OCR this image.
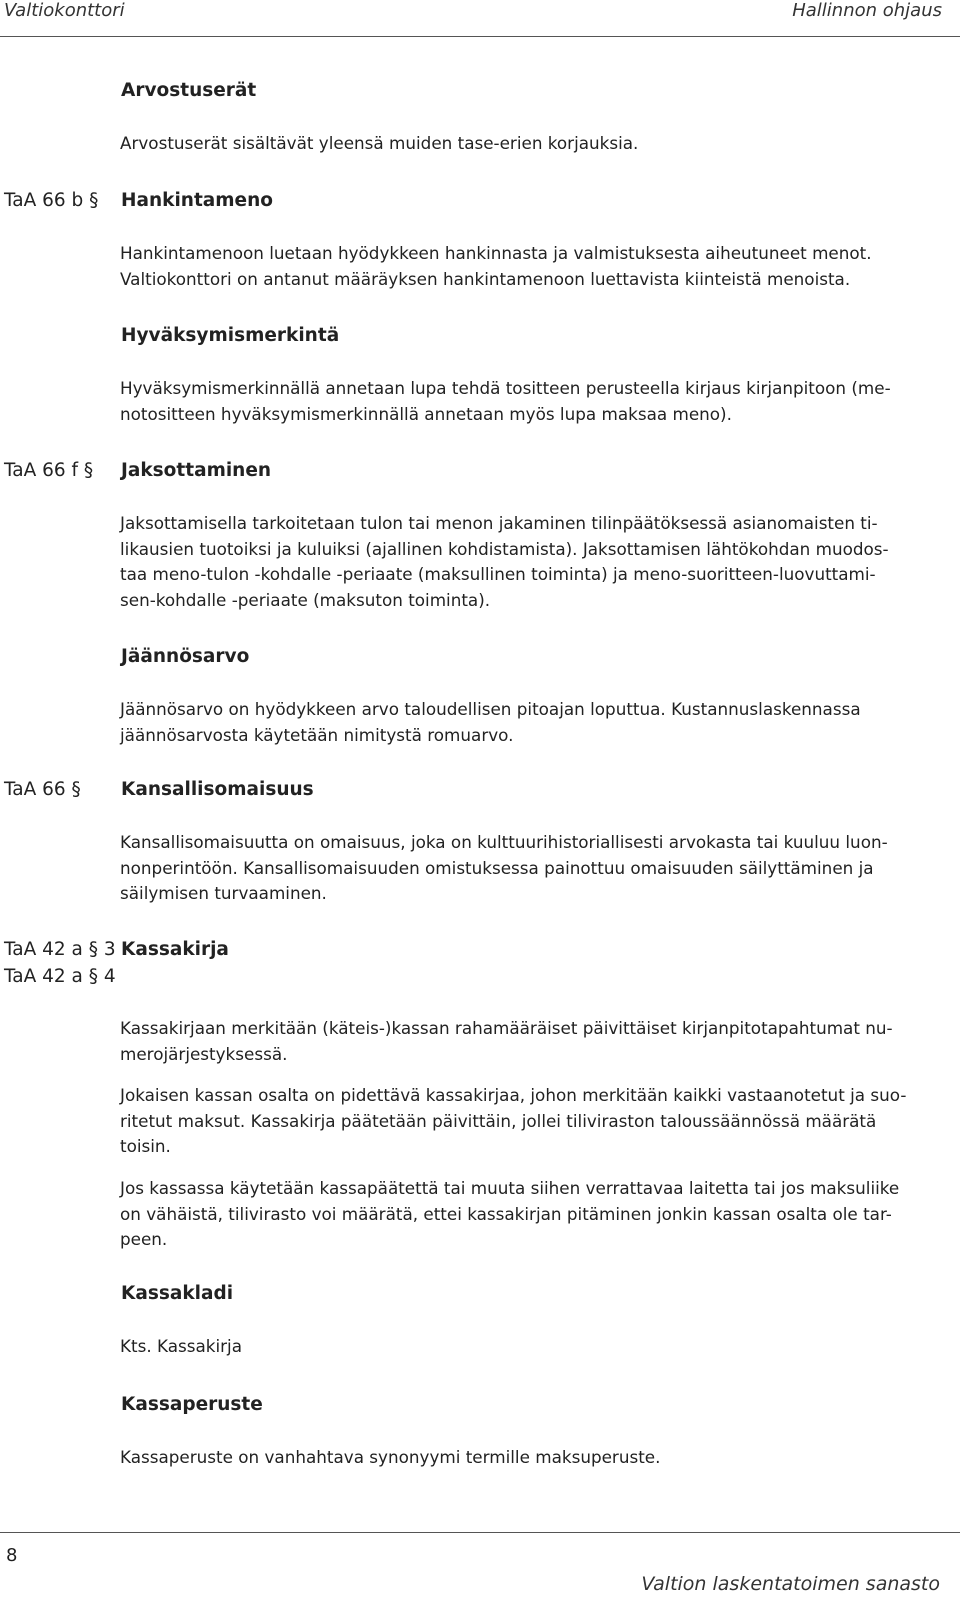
Valtiokonttori	Hallinnon ohjaus
Arvostuserät
Arvostuserät sisältävät yleensä muiden tase-erien korjauksia.
TaA 66 b § Hankintameno
Hankintamenoon luetaan hyödykkeen hankinnasta ja valmistuksesta aiheutuneet menot.
Valtiokonttori on antanut määräyksen hankintamenoon luettavista kiinteistä menoista.
Hyväksymismerkintä
Hyväksymismerkinnällä annetaan lupa tehdä tositteen perusteella kirjaus kirjanpitoon (me-
notositteen hyväksymismerkinnällä annetaan myös lupa maksaa meno).
TaA 66 f § Jaksottaminen
Jaksottamisella tarkoitetaan tulon tai menon jakaminen tilinpäätöksessä asianomaisten ti-
likausien tuotoiksi ja kuluiksi (ajallinen kohdistamista). Jaksottamisen lähtökohdan muodos-
taa meno-tulon -kohdalle -periaate (maksullinen toiminta) ja meno-suoritteen-luovuttami-
sen-kohdalle -periaate (maksuton toiminta).
Jäännösarvo
Jäännösarvo on hyödykkeen arvo taloudellisen pitoajan loputtua. Kustannuslaskennassa
jäännösarvosta käytetään nimitystä romuarvo.
TaA 66 § Kansallisomaisuus
Kansallisomaisuutta on omaisuus, joka on kulttuurihistoriallisesti arvokasta tai kuuluu luon-
nonperintöön. Kansallisomaisuuden omistuksessa painottuu omaisuuden säilyttäminen ja
säilymisen turvaaminen.
TaA 42 a § 3
TaA 42 a § 4
Kassakirja
Kassakirjaan merkitään (käteis-)kassan rahamääräiset päivittäiset kirjanpitotapahtumat nu-
merojärjestyksessä.
Jokaisen kassan osalta on pidettävä kassakirjaa, johon merkitään kaikki vastaanotetut ja suo-
ritetut maksut. Kassakirja päätetään päivittäin, jollei tiliviraston taloussäännössä määrätä
toisin.
Jos kassassa käytetään kassapäätettä tai muuta siihen verrattavaa laitetta tai jos maksuliike
on vähäistä, tilivirasto voi määrätä, ettei kassakirjan pitäminen jonkin kassan osalta ole tar-
peen.
Kassakladi
Kts. Kassakirja
Kassaperuste
Kassaperuste on vanhahtava synonyymi termille maksuperuste.
8
Valtion laskentatoimen sanasto
